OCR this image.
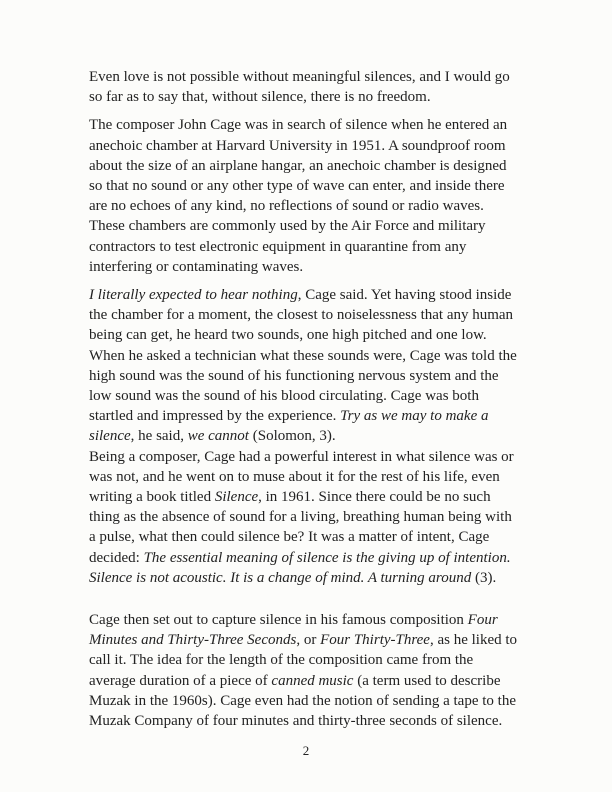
Even love is not possible without meaningful silences, and I would go
so far as to say that, without silence, there is no freedom.

The composer John Cage was in search of silence when he entered an
anechoic chamber at Harvard University in 1951. A soundproof room
about the size of an airplane hangar, an anechoic chamber is designed
so that no sound or any other type of wave can enter, and inside there
are no echoes of any kind, no reflections of sound or radio waves.
These chambers are commonly used by the Air Force and military
contractors to test electronic equipment in quarantine from any
interfering or contaminating waves.

I literally expected to hear nothing, Cage said. Yet having stood inside
the chamber for a moment, the closest to noiselessness that any human
being can get, he heard two sounds, one high pitched and one low.
When he asked a technician what these sounds were, Cage was told the
high sound was the sound of his functioning nervous system and the
low sound was the sound of his blood circulating. Cage was both
startled and impressed by the experience. Try as we may to make a
silence, he said, we cannot (Solomon, 3).

Being a composer, Cage had a powerful interest in what silence was or
was not, and he went on to muse about it for the rest of his life, even
writing a book titled Silence, in 1961. Since there could be no such
thing as the absence of sound for a living, breathing human being with
a pulse, what then could silence be? It was a matter of intent, Cage
decided: The essential meaning of silence is the giving up of intention.
Silence is not acoustic. It is a change of mind. A turning around (3).

Cage then set out to capture silence in his famous composition Four
Minutes and Thirty-Three Seconds, or Four Thirty-Three, as he liked to
call it. The idea for the length of the composition came from the
average duration of a piece of canned music (a term used to describe
Muzak in the 1960s). Cage even had the notion of sending a tape to the
Muzak Company of four minutes and thirty-three seconds of silence.

2
